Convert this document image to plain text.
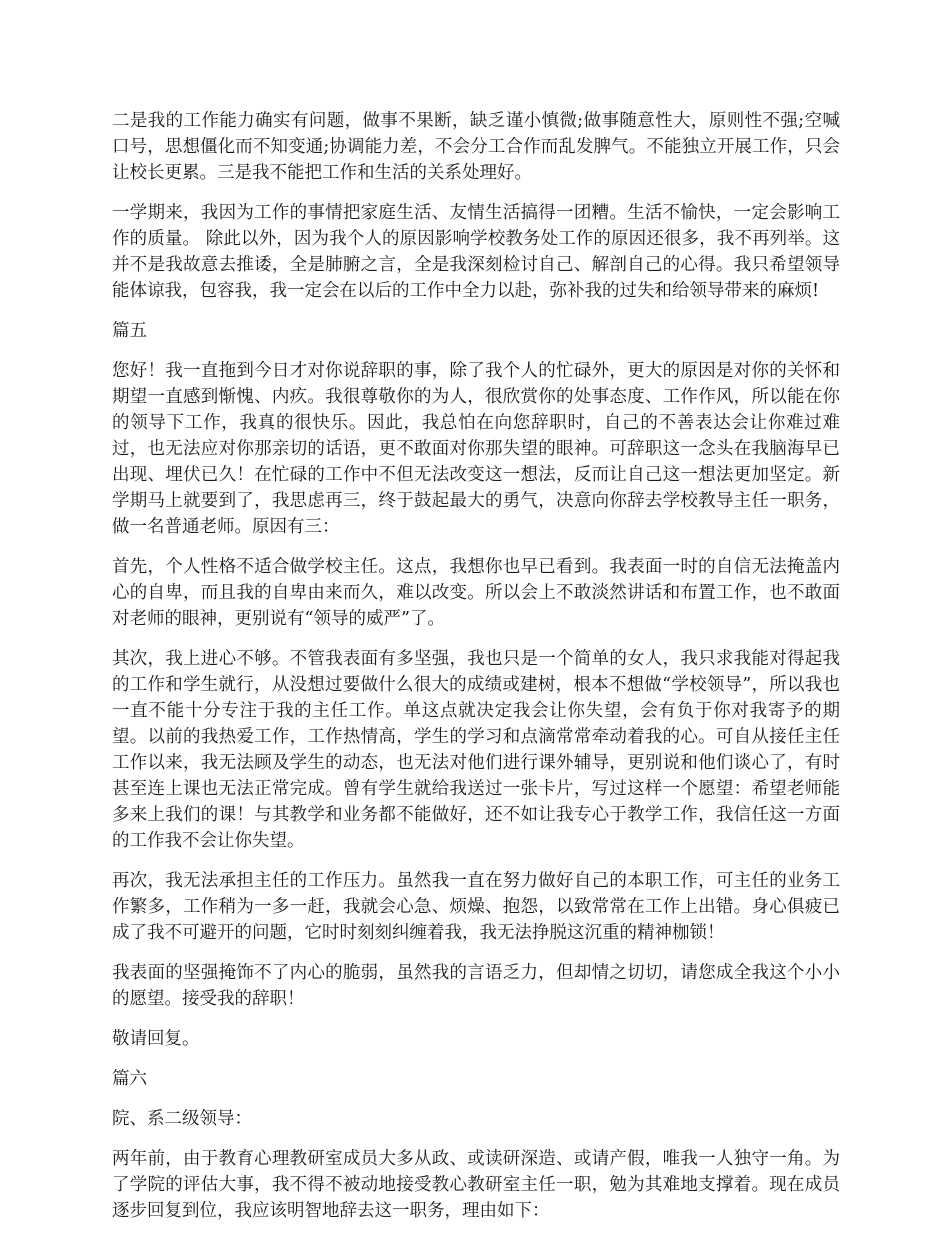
二是我的工作能力确实有问题，做事不果断，缺乏谨小慎微;做事随意性大，原则性不强;空喊口号，思想僵化而不知变通;协调能力差，不会分工合作而乱发脾气。不能独立开展工作，只会让校长更累。三是我不能把工作和生活的关系处理好。

一学期来，我因为工作的事情把家庭生活、友情生活搞得一团糟。生活不愉快，一定会影响工作的质量。 除此以外，因为我个人的原因影响学校教务处工作的原因还很多，我不再列举。这并不是我故意去推诿，全是肺腑之言，全是我深刻检讨自己、解剖自己的心得。我只希望领导能体谅我，包容我，我一定会在以后的工作中全力以赴，弥补我的过失和给领导带来的麻烦!

篇五

您好！我一直拖到今日才对你说辞职的事，除了我个人的忙碌外，更大的原因是对你的关怀和期望一直感到惭愧、内疚。我很尊敬你的为人，很欣赏你的处事态度、工作作风，所以能在你的领导下工作，我真的很快乐。因此，我总怕在向您辞职时，自己的不善表达会让你难过难过，也无法应对你那亲切的话语，更不敢面对你那失望的眼神。可辞职这一念头在我脑海早已出现、埋伏已久！在忙碌的工作中不但无法改变这一想法，反而让自己这一想法更加坚定。新学期马上就要到了，我思虑再三，终于鼓起最大的勇气，决意向你辞去学校教导主任一职务，做一名普通老师。原因有三：

首先，个人性格不适合做学校主任。这点，我想你也早已看到。我表面一时的自信无法掩盖内心的自卑，而且我的自卑由来而久，难以改变。所以会上不敢淡然讲话和布置工作，也不敢面对老师的眼神，更别说有“领导的威严”了。

其次，我上进心不够。不管我表面有多坚强，我也只是一个简单的女人，我只求我能对得起我的工作和学生就行，从没想过要做什么很大的成绩或建树，根本不想做“学校领导”，所以我也一直不能十分专注于我的主任工作。单这点就决定我会让你失望，会有负于你对我寄予的期望。以前的我热爱工作，工作热情高，学生的学习和点滴常常牵动着我的心。可自从接任主任工作以来，我无法顾及学生的动态，也无法对他们进行课外辅导，更别说和他们谈心了，有时甚至连上课也无法正常完成。曾有学生就给我送过一张卡片，写过这样一个愿望：希望老师能多来上我们的课！与其教学和业务都不能做好，还不如让我专心于教学工作，我信任这一方面的工作我不会让你失望。

再次，我无法承担主任的工作压力。虽然我一直在努力做好自己的本职工作，可主任的业务工作繁多，工作稍为一多一赶，我就会心急、烦燥、抱怨，以致常常在工作上出错。身心俱疲已成了我不可避开的问题，它时时刻刻纠缠着我，我无法挣脱这沉重的精神枷锁！

我表面的坚强掩饰不了内心的脆弱，虽然我的言语乏力，但却情之切切，请您成全我这个小小的愿望。接受我的辞职！

敬请回复。

篇六

院、系二级领导：

两年前，由于教育心理教研室成员大多从政、或读研深造、或请产假，唯我一人独守一角。为了学院的评估大事，我不得不被动地接受教心教研室主任一职，勉为其难地支撑着。现在成员逐步回复到位，我应该明智地辞去这一职务，理由如下：
